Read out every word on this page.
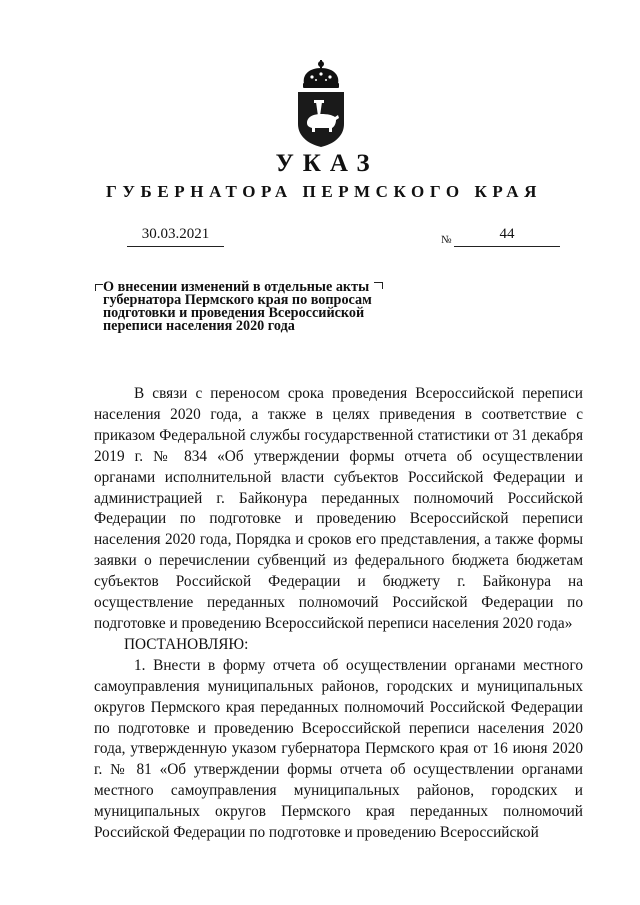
УКАЗ
ГУБЕРНАТОРА ПЕРМСКОГО КРАЯ
30.03.2021	№	44
О внесении изменений в отдельные акты губернатора Пермского края по вопросам подготовки и проведения Всероссийской переписи населения 2020 года

В связи с переносом срока проведения Всероссийской переписи населения 2020 года, а также в целях приведения в соответствие с приказом Федеральной службы государственной статистики от 31 декабря 2019 г. № 834 «Об утверждении формы отчета об осуществлении органами исполнительной власти субъектов Российской Федерации и администрацией г. Байконура переданных полномочий Российской Федерации по подготовке и проведению Всероссийской переписи населения 2020 года, Порядка и сроков его представления, а также формы заявки о перечислении субвенций из федерального бюджета бюджетам субъектов Российской Федерации и бюджету г. Байконура на осуществление переданных полномочий Российской Федерации по подготовке и проведению Всероссийской переписи населения 2020 года»

ПОСТАНОВЛЯЮ:

1. Внести в форму отчета об осуществлении органами местного самоуправления муниципальных районов, городских и муниципальных округов Пермского края переданных полномочий Российской Федерации по подготовке и проведению Всероссийской переписи населения 2020 года, утвержденную указом губернатора Пермского края от 16 июня 2020 г. № 81 «Об утверждении формы отчета об осуществлении органами местного самоуправления муниципальных районов, городских и муниципальных округов Пермского края переданных полномочий Российской Федерации по подготовке и проведению Всероссийской
